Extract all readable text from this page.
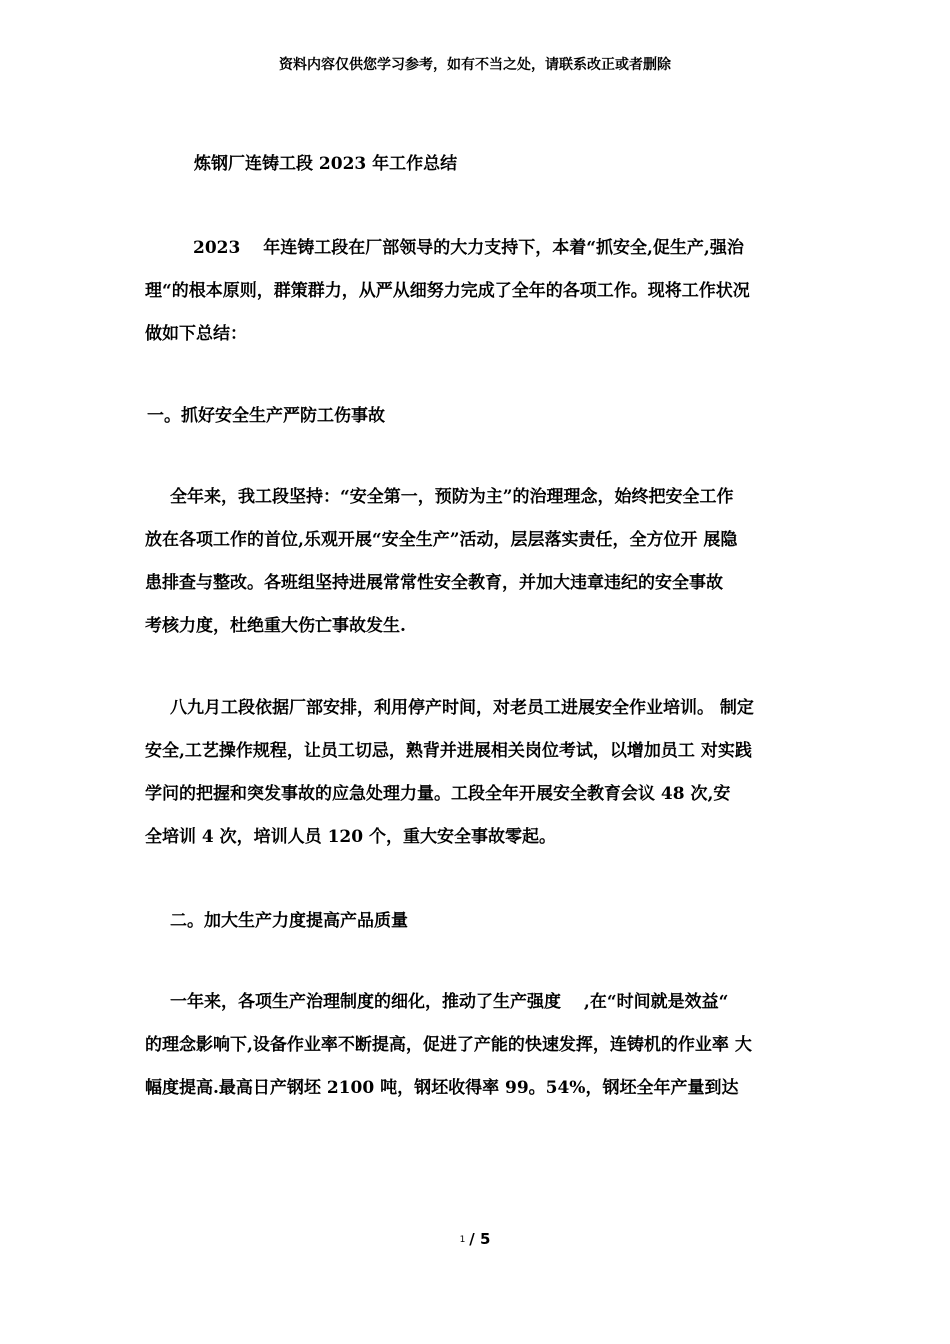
资料内容仅供您学习参考，如有不当之处，请联系改正或者删除
炼钢厂连铸工段 2023 年工作总结
2023　 年连铸工段在厂部领导的大力支持下，本着“抓安全,促生产,强治
理“的根本原则，群策群力，从严从细努力完成了全年的各项工作。现将工作状况
做如下总结：
一。抓好安全生产严防工伤事故
全年来，我工段坚持：“安全第一，预防为主”的治理理念，始终把安全工作
放在各项工作的首位,乐观开展“安全生产”活动，层层落实责任，全方位开 展隐
患排查与整改。各班组坚持进展常常性安全教育，并加大违章违纪的安全事故
考核力度，杜绝重大伤亡事故发生.
八九月工段依据厂部安排，利用停产时间，对老员工进展安全作业培训。 制定
安全,工艺操作规程，让员工切忌，熟背并进展相关岗位考试，以增加员工 对实践
学问的把握和突发事故的应急处理力量。工段全年开展安全教育会议 48 次,安
全培训 4 次，培训人员 120 个，重大安全事故零起。
二。加大生产力度提高产品质量
一年来，各项生产治理制度的细化，推动了生产强度　 ,在“时间就是效益“
的理念影响下,设备作业率不断提高，促进了产能的快速发挥，连铸机的作业率 大
幅度提高.最高日产钢坯 2100 吨，钢坯收得率 99。54%，钢坯全年产量到达
1 / 5
